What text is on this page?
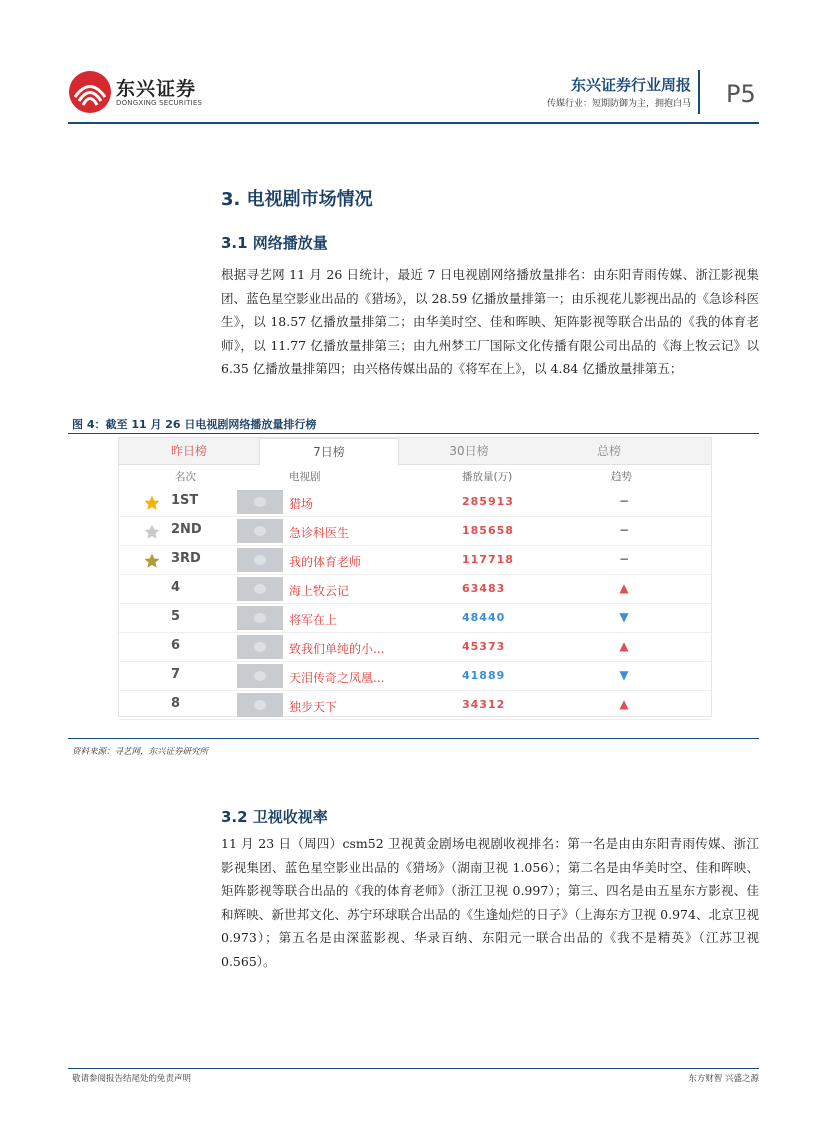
东兴证券
DONGXING SECURITIES
东兴证券行业周报
传媒行业：短期防御为主，拥抱白马 P5
3. 电视剧市场情况
3.1 网络播放量
根据寻艺网 11 月 26 日统计，最近 7 日电视剧网络播放量排名：由东阳青雨传媒、浙江影视集团、蓝色星空影业出品的《猎场》，以 28.59 亿播放量排第一；由乐视花儿影视出品的《急诊科医生》，以 18.57 亿播放量排第二；由华美时空、佳和晖映、矩阵影视等联合出品的《我的体育老师》，以 11.77 亿播放量排第三；由九州梦工厂国际文化传播有限公司出品的《海上牧云记》以 6.35 亿播放量排第四；由兴格传媒出品的《将军在上》，以 4.84 亿播放量排第五；
图 4：截至 11 月 26 日电视剧网络播放量排行榜
昨日榜	7日榜	30日榜	总榜
名次	电视剧	播放量(万)	趋势
1ST	猎场	285913	−
2ND	急诊科医生	185658	−
3RD	我的体育老师	117718	−
4	海上牧云记	63483	▲
5	将军在上	48440	▼
6	致我们单纯的小...	45373	▲
7	天泪传奇之凤凰...	41889	▼
8	独步天下	34312	▲
资料来源：寻艺网，东兴证券研究所
3.2 卫视收视率
11 月 23 日（周四）csm52 卫视黄金剧场电视剧收视排名：第一名是由由东阳青雨传媒、浙江影视集团、蓝色星空影业出品的《猎场》（湖南卫视 1.056）；第二名是由华美时空、佳和晖映、矩阵影视等联合出品的《我的体育老师》（浙江卫视 0.997）；第三、四名是由五星东方影视、佳和辉映、新世邦文化、苏宁环球联合出品的《生逢灿烂的日子》（上海东方卫视 0.974、北京卫视 0.973）；第五名是由深蓝影视、华录百纳、东阳元一联合出品的《我不是精英》（江苏卫视 0.565）。
敬请参阅报告结尾处的免责声明	东方财智 兴盛之源
